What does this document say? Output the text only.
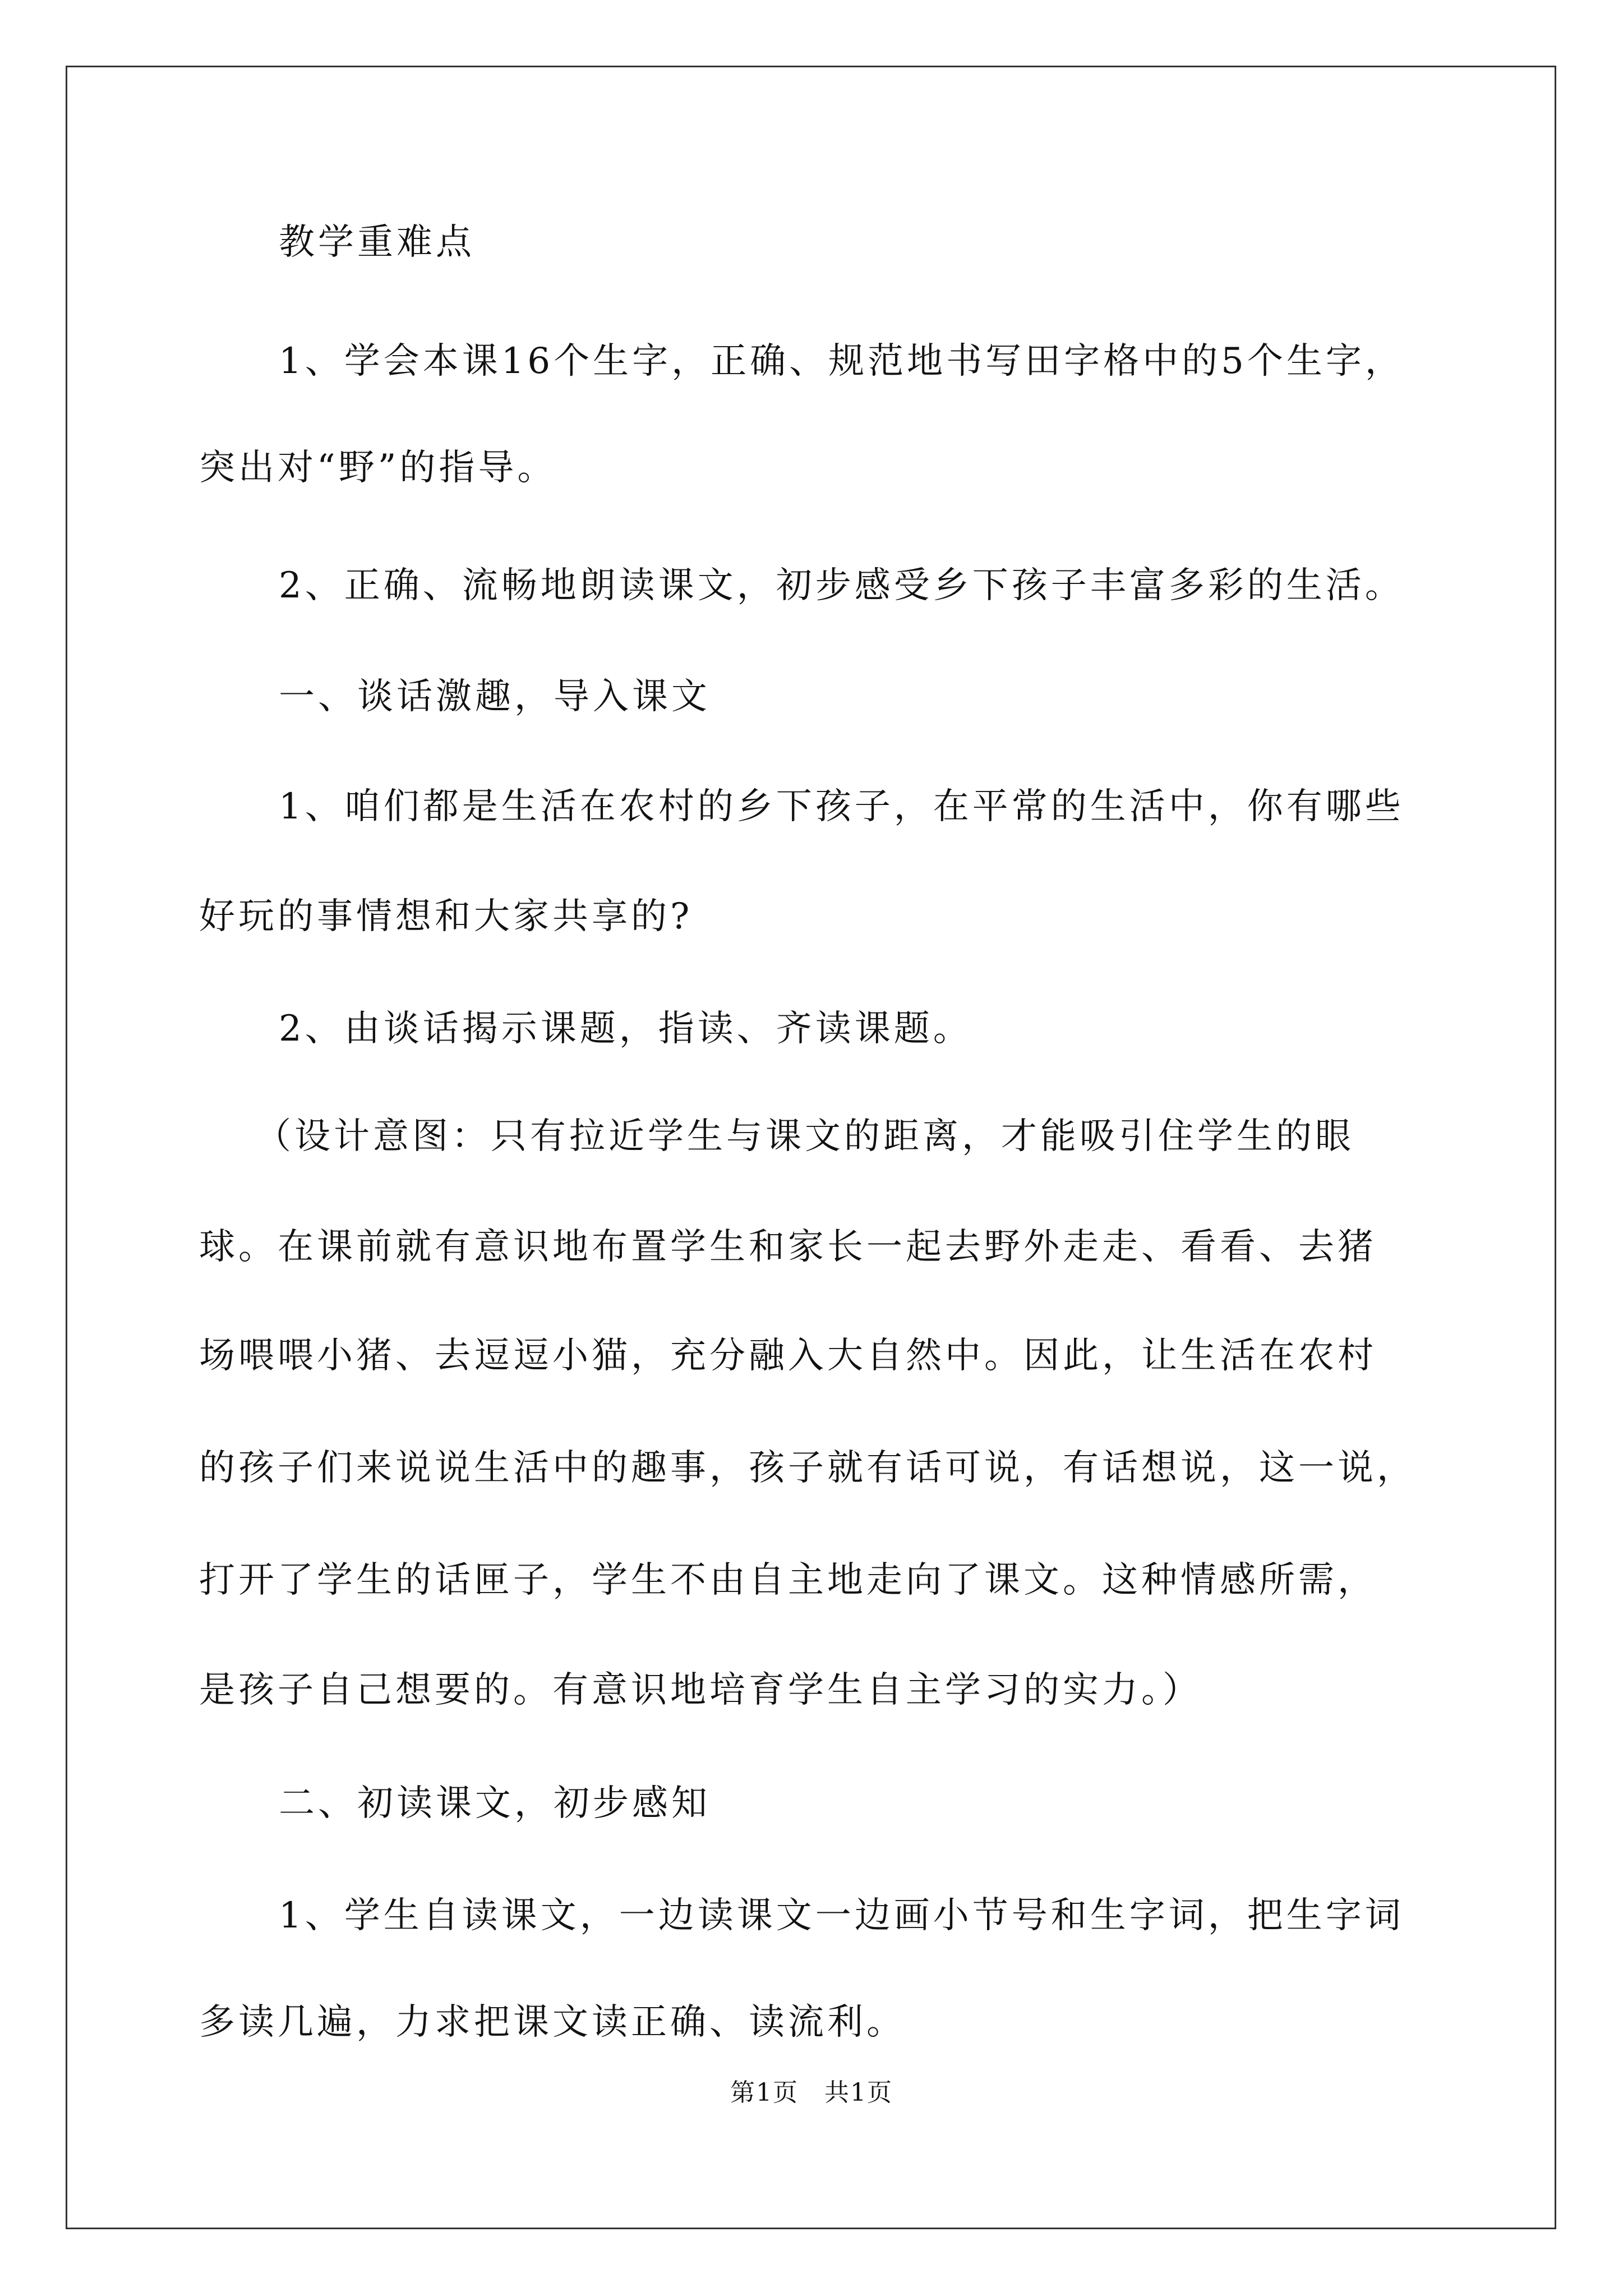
教学重难点
1、学会本课16个生字，正确、规范地书写田字格中的5个生字，
突出对“野”的指导。
2、正确、流畅地朗读课文，初步感受乡下孩子丰富多彩的生活。
一、谈话激趣，导入课文
1、咱们都是生活在农村的乡下孩子，在平常的生活中，你有哪些
好玩的事情想和大家共享的?
2、由谈话揭示课题，指读、齐读课题。
（设计意图：只有拉近学生与课文的距离，才能吸引住学生的眼
球。在课前就有意识地布置学生和家长一起去野外走走、看看、去猪
场喂喂小猪、去逗逗小猫，充分融入大自然中。因此，让生活在农村
的孩子们来说说生活中的趣事，孩子就有话可说，有话想说，这一说，
打开了学生的话匣子，学生不由自主地走向了课文。这种情感所需，
是孩子自己想要的。有意识地培育学生自主学习的实力。）
二、初读课文，初步感知
1、学生自读课文，一边读课文一边画小节号和生字词，把生字词
多读几遍，力求把课文读正确、读流利。
第1页　共1页
